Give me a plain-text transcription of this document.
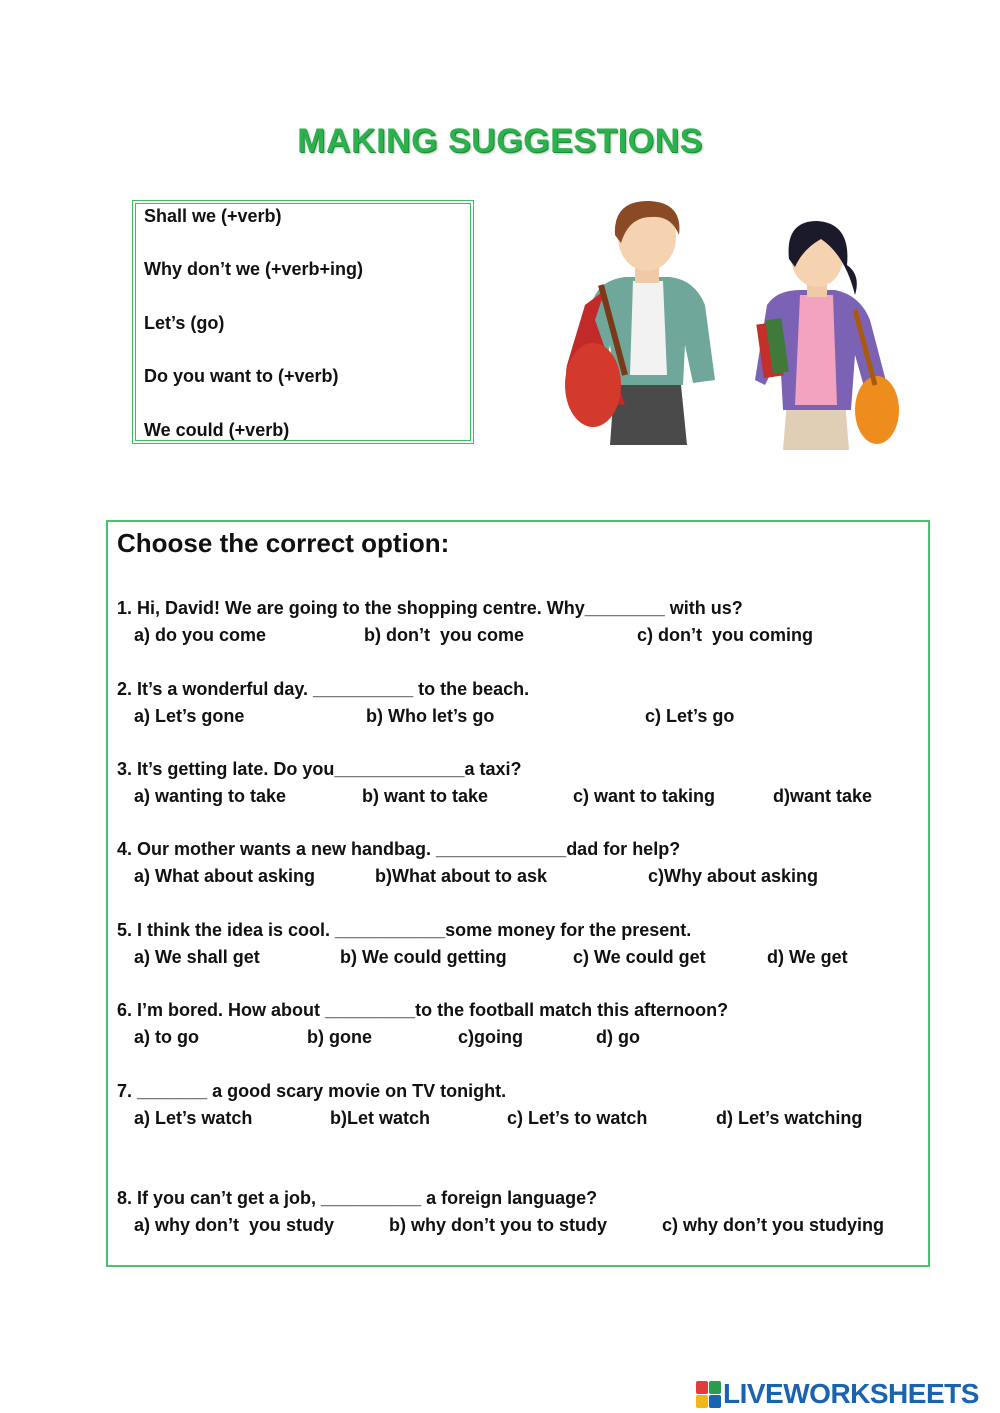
MAKING SUGGESTIONS
Shall we (+verb)
Why don’t we (+verb+ing)
Let’s (go)
Do you want to (+verb)
We could (+verb)
Choose the correct option:
1. Hi, David! We are going to the shopping centre. Why________ with us?
a) do you come	b) don’t  you come	c) don’t  you coming
2. It’s a wonderful day. __________ to the beach.
a) Let’s gone	b) Who let’s go	c) Let’s go
3. It’s getting late. Do you_____________a taxi?
a) wanting to take	b) want to take	c) want to taking	d)want take
4. Our mother wants a new handbag. _____________dad for help?
a) What about asking	b)What about to ask	c)Why about asking
5. I think the idea is cool. ___________some money for the present.
a) We shall get	b) We could getting	c) We could get	d) We get
6. I’m bored. How about _________to the football match this afternoon?
a) to go	b) gone	c)going	d) go
7. _______ a good scary movie on TV tonight.
a) Let’s watch	b)Let watch	c) Let’s to watch	d) Let’s watching
8. If you can’t get a job, __________ a foreign language?
a) why don’t  you study	b) why don’t you to study	c) why don’t you studying
LIVEWORKSHEETS
